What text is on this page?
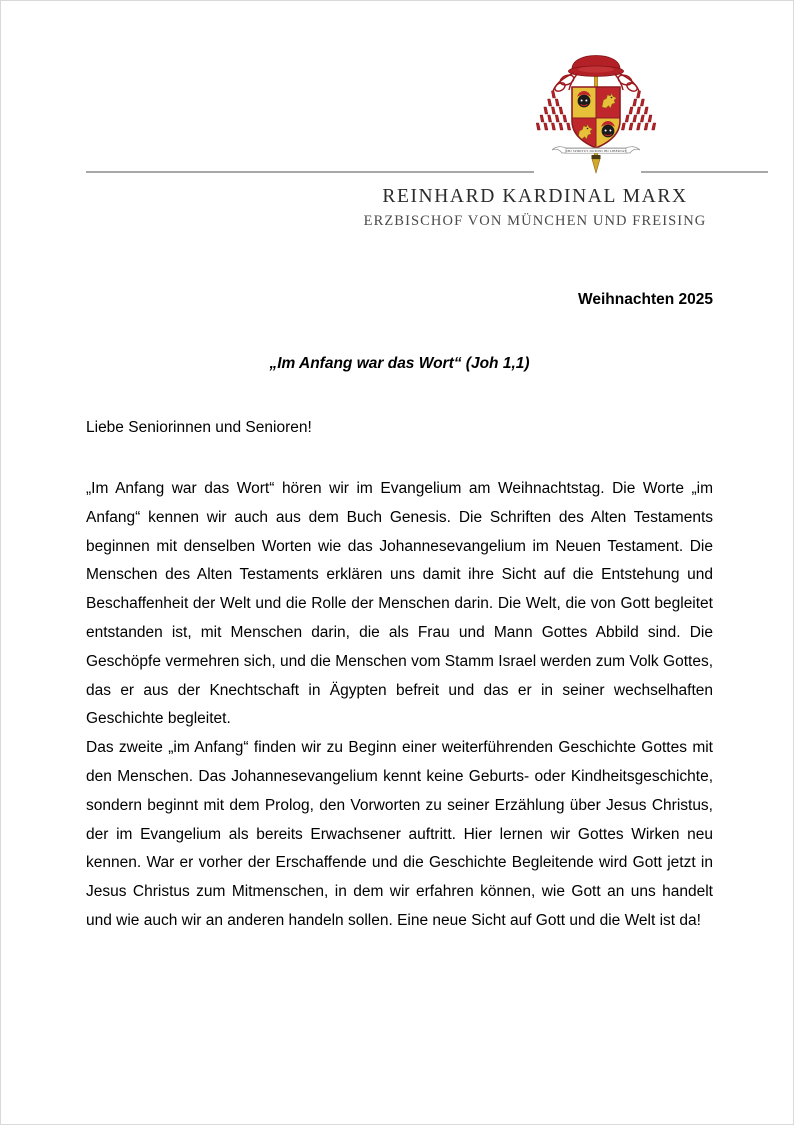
UBI SPIRITUS DOMINI IBI LIBERTAS
REINHARD KARDINAL MARX
ERZBISCHOF VON MÜNCHEN UND FREISING
Weihnachten 2025
„Im Anfang war das Wort“ (Joh 1,1)
Liebe Seniorinnen und Senioren!

„Im Anfang war das Wort“ hören wir im Evangelium am Weihnachtstag. Die Worte „im Anfang“ kennen wir auch aus dem Buch Genesis. Die Schriften des Alten Testaments beginnen mit denselben Worten wie das Johannesevangelium im Neuen Testament. Die Menschen des Alten Testaments erklären uns damit ihre Sicht auf die Entstehung und Beschaffenheit der Welt und die Rolle der Menschen darin. Die Welt, die von Gott begleitet entstanden ist, mit Menschen darin, die als Frau und Mann Gottes Abbild sind. Die Geschöpfe vermehren sich, und die Menschen vom Stamm Israel werden zum Volk Gottes, das er aus der Knechtschaft in Ägypten befreit und das er in seiner wechselhaften Geschichte begleitet.

Das zweite „im Anfang“ finden wir zu Beginn einer weiterführenden Geschichte Gottes mit den Menschen. Das Johannesevangelium kennt keine Geburts- oder Kindheitsgeschichte, sondern beginnt mit dem Prolog, den Vorworten zu seiner Erzählung über Jesus Christus, der im Evangelium als bereits Erwachsener auftritt. Hier lernen wir Gottes Wirken neu kennen. War er vorher der Erschaffende und die Geschichte Begleitende wird Gott jetzt in Jesus Christus zum Mitmenschen, in dem wir erfahren können, wie Gott an uns handelt und wie auch wir an anderen handeln sollen. Eine neue Sicht auf Gott und die Welt ist da!
